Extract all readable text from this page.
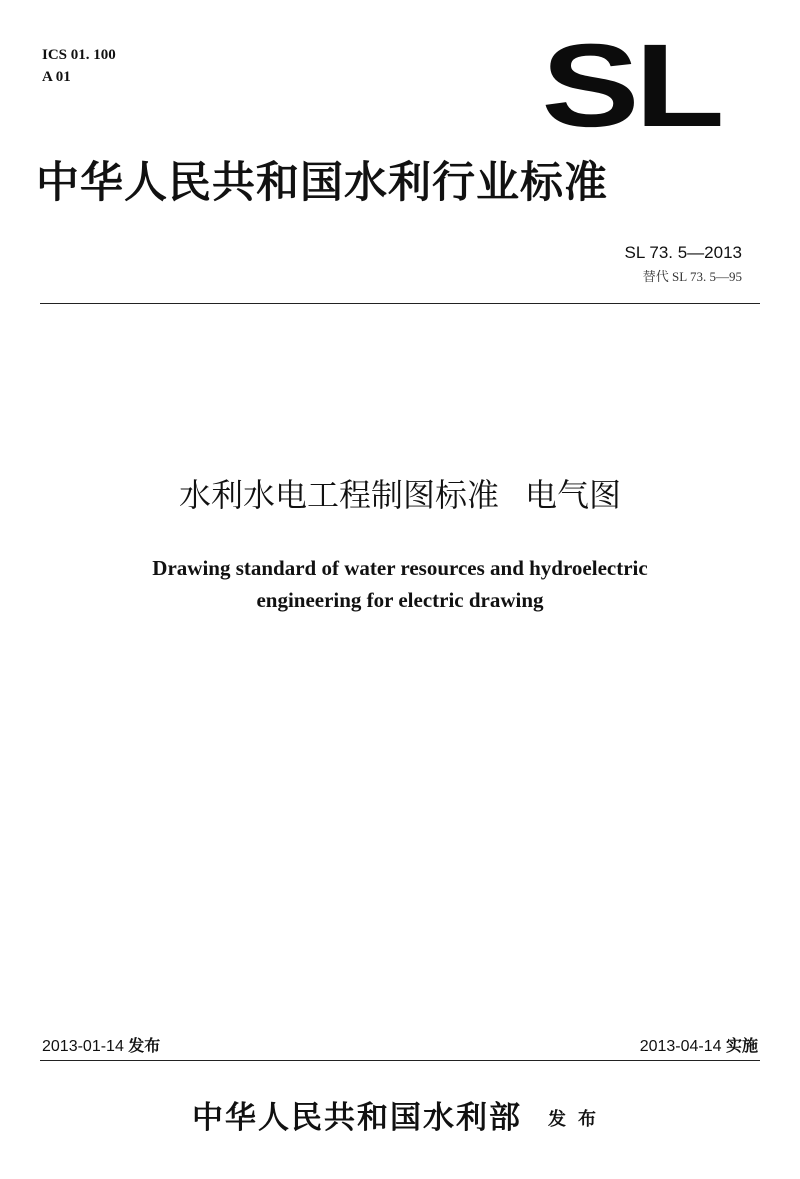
ICS 01. 100
A 01	SL
中华人民共和国水利行业标准
SL 73. 5—2013
替代 SL 73. 5—95
水利水电工程制图标准 电气图
Drawing standard of water resources and hydroelectric
engineering for electric drawing
2013-01-14 发布	2013-04-14 实施
中华人民共和国水利部 发布
